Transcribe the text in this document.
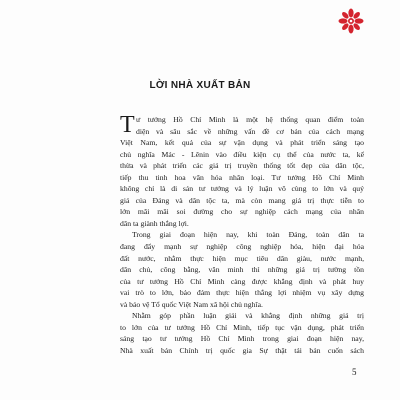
LỜI NHÀ XUẤT BẢN
T ư tưởng Hồ Chí Minh là một hệ thống quan điểm toàn
diện và sâu sắc về những vấn đề cơ bản của cách mạng
Việt Nam, kết quả của sự vận dụng và phát triển sáng tạo
chủ nghĩa Mác - Lênin vào điều kiện cụ thể của nước ta, kế
thừa và phát triển các giá trị truyền thống tốt đẹp của dân tộc,
tiếp thu tinh hoa văn hóa nhân loại. Tư tưởng Hồ Chí Minh
không chỉ là di sản tư tưởng và lý luận vô cùng to lớn và quý
giá của Đảng và dân tộc ta, mà còn mang giá trị thực tiễn to
lớn mãi mãi soi đường cho sự nghiệp cách mạng của nhân
dân ta giành thắng lợi.
Trong giai đoạn hiện nay, khi toàn Đảng, toàn dân ta
đang đẩy mạnh sự nghiệp công nghiệp hóa, hiện đại hóa
đất nước, nhằm thực hiện mục tiêu dân giàu, nước mạnh,
dân chủ, công bằng, văn minh thì những giá trị tường tồn
của tư tưởng Hồ Chí Minh càng được khẳng định và phát huy
vai trò to lớn, bảo đảm thực hiện thắng lợi nhiệm vụ xây dựng
và bảo vệ Tổ quốc Việt Nam xã hội chủ nghĩa.
Nhằm góp phần luận giải và khẳng định những giá trị
to lớn của tư tưởng Hồ Chí Minh, tiếp tục vận dụng, phát triển
sáng tạo tư tưởng Hồ Chí Minh trong giai đoạn hiện nay,
Nhà xuất bản Chính trị quốc gia Sự thật tái bản cuốn sách
5
